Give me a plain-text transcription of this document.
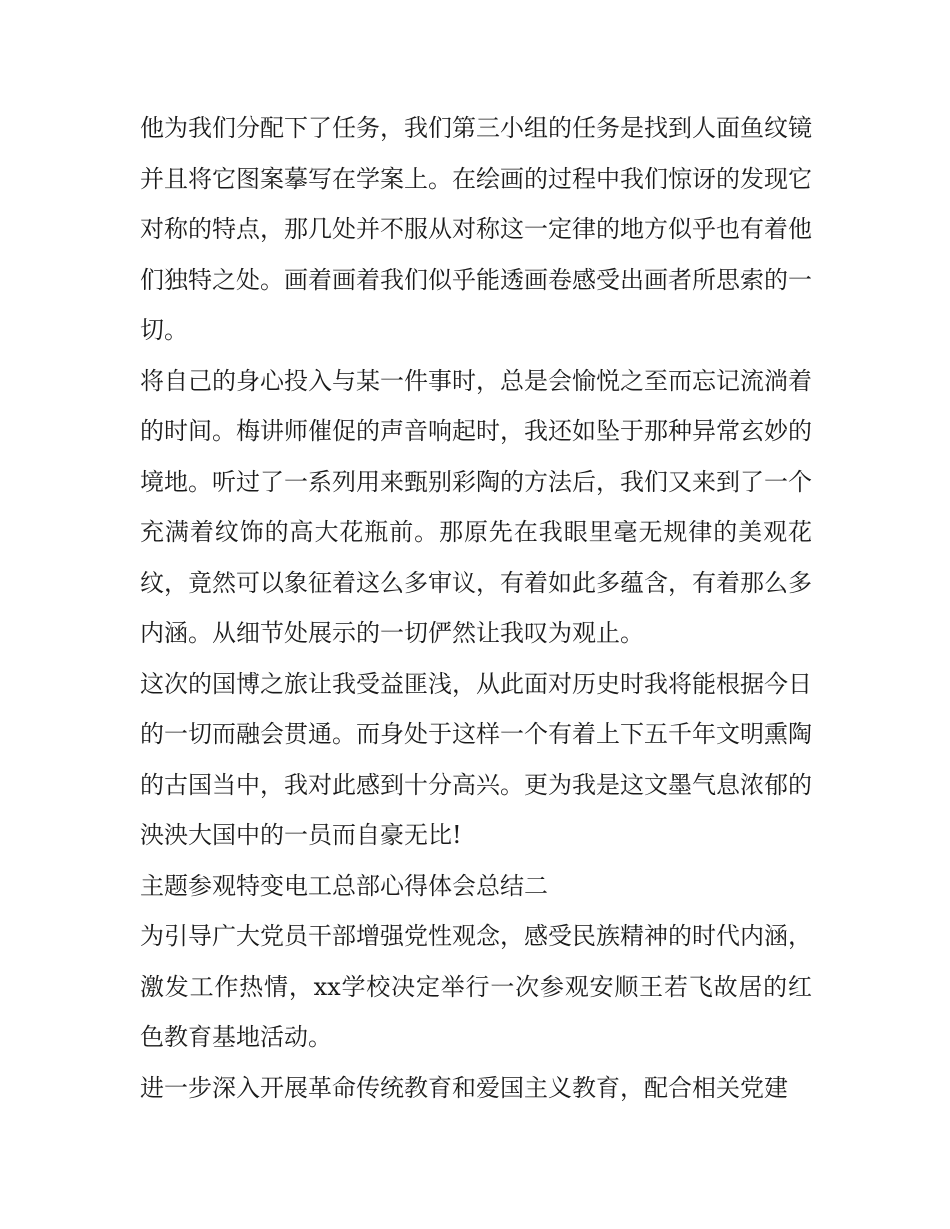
他为我们分配下了任务，我们第三小组的任务是找到人面鱼纹镜并且将它图案摹写在学案上。在绘画的过程中我们惊讶的发现它对称的特点，那几处并不服从对称这一定律的地方似乎也有着他们独特之处。画着画着我们似乎能透画卷感受出画者所思索的一切。

将自己的身心投入与某一件事时，总是会愉悦之至而忘记流淌着的时间。梅讲师催促的声音响起时，我还如坠于那种异常玄妙的境地。听过了一系列用来甄别彩陶的方法后，我们又来到了一个充满着纹饰的高大花瓶前。那原先在我眼里毫无规律的美观花纹，竟然可以象征着这么多审议，有着如此多蕴含，有着那么多内涵。从细节处展示的一切俨然让我叹为观止。

这次的国博之旅让我受益匪浅，从此面对历史时我将能根据今日的一切而融会贯通。而身处于这样一个有着上下五千年文明熏陶的古国当中，我对此感到十分高兴。更为我是这文墨气息浓郁的泱泱大国中的一员而自豪无比!

主题参观特变电工总部心得体会总结二

为引导广大党员干部增强党性观念，感受民族精神的时代内涵，激发工作热情，xx学校决定举行一次参观安顺王若飞故居的红色教育基地活动。

进一步深入开展革命传统教育和爱国主义教育，配合相关党建
